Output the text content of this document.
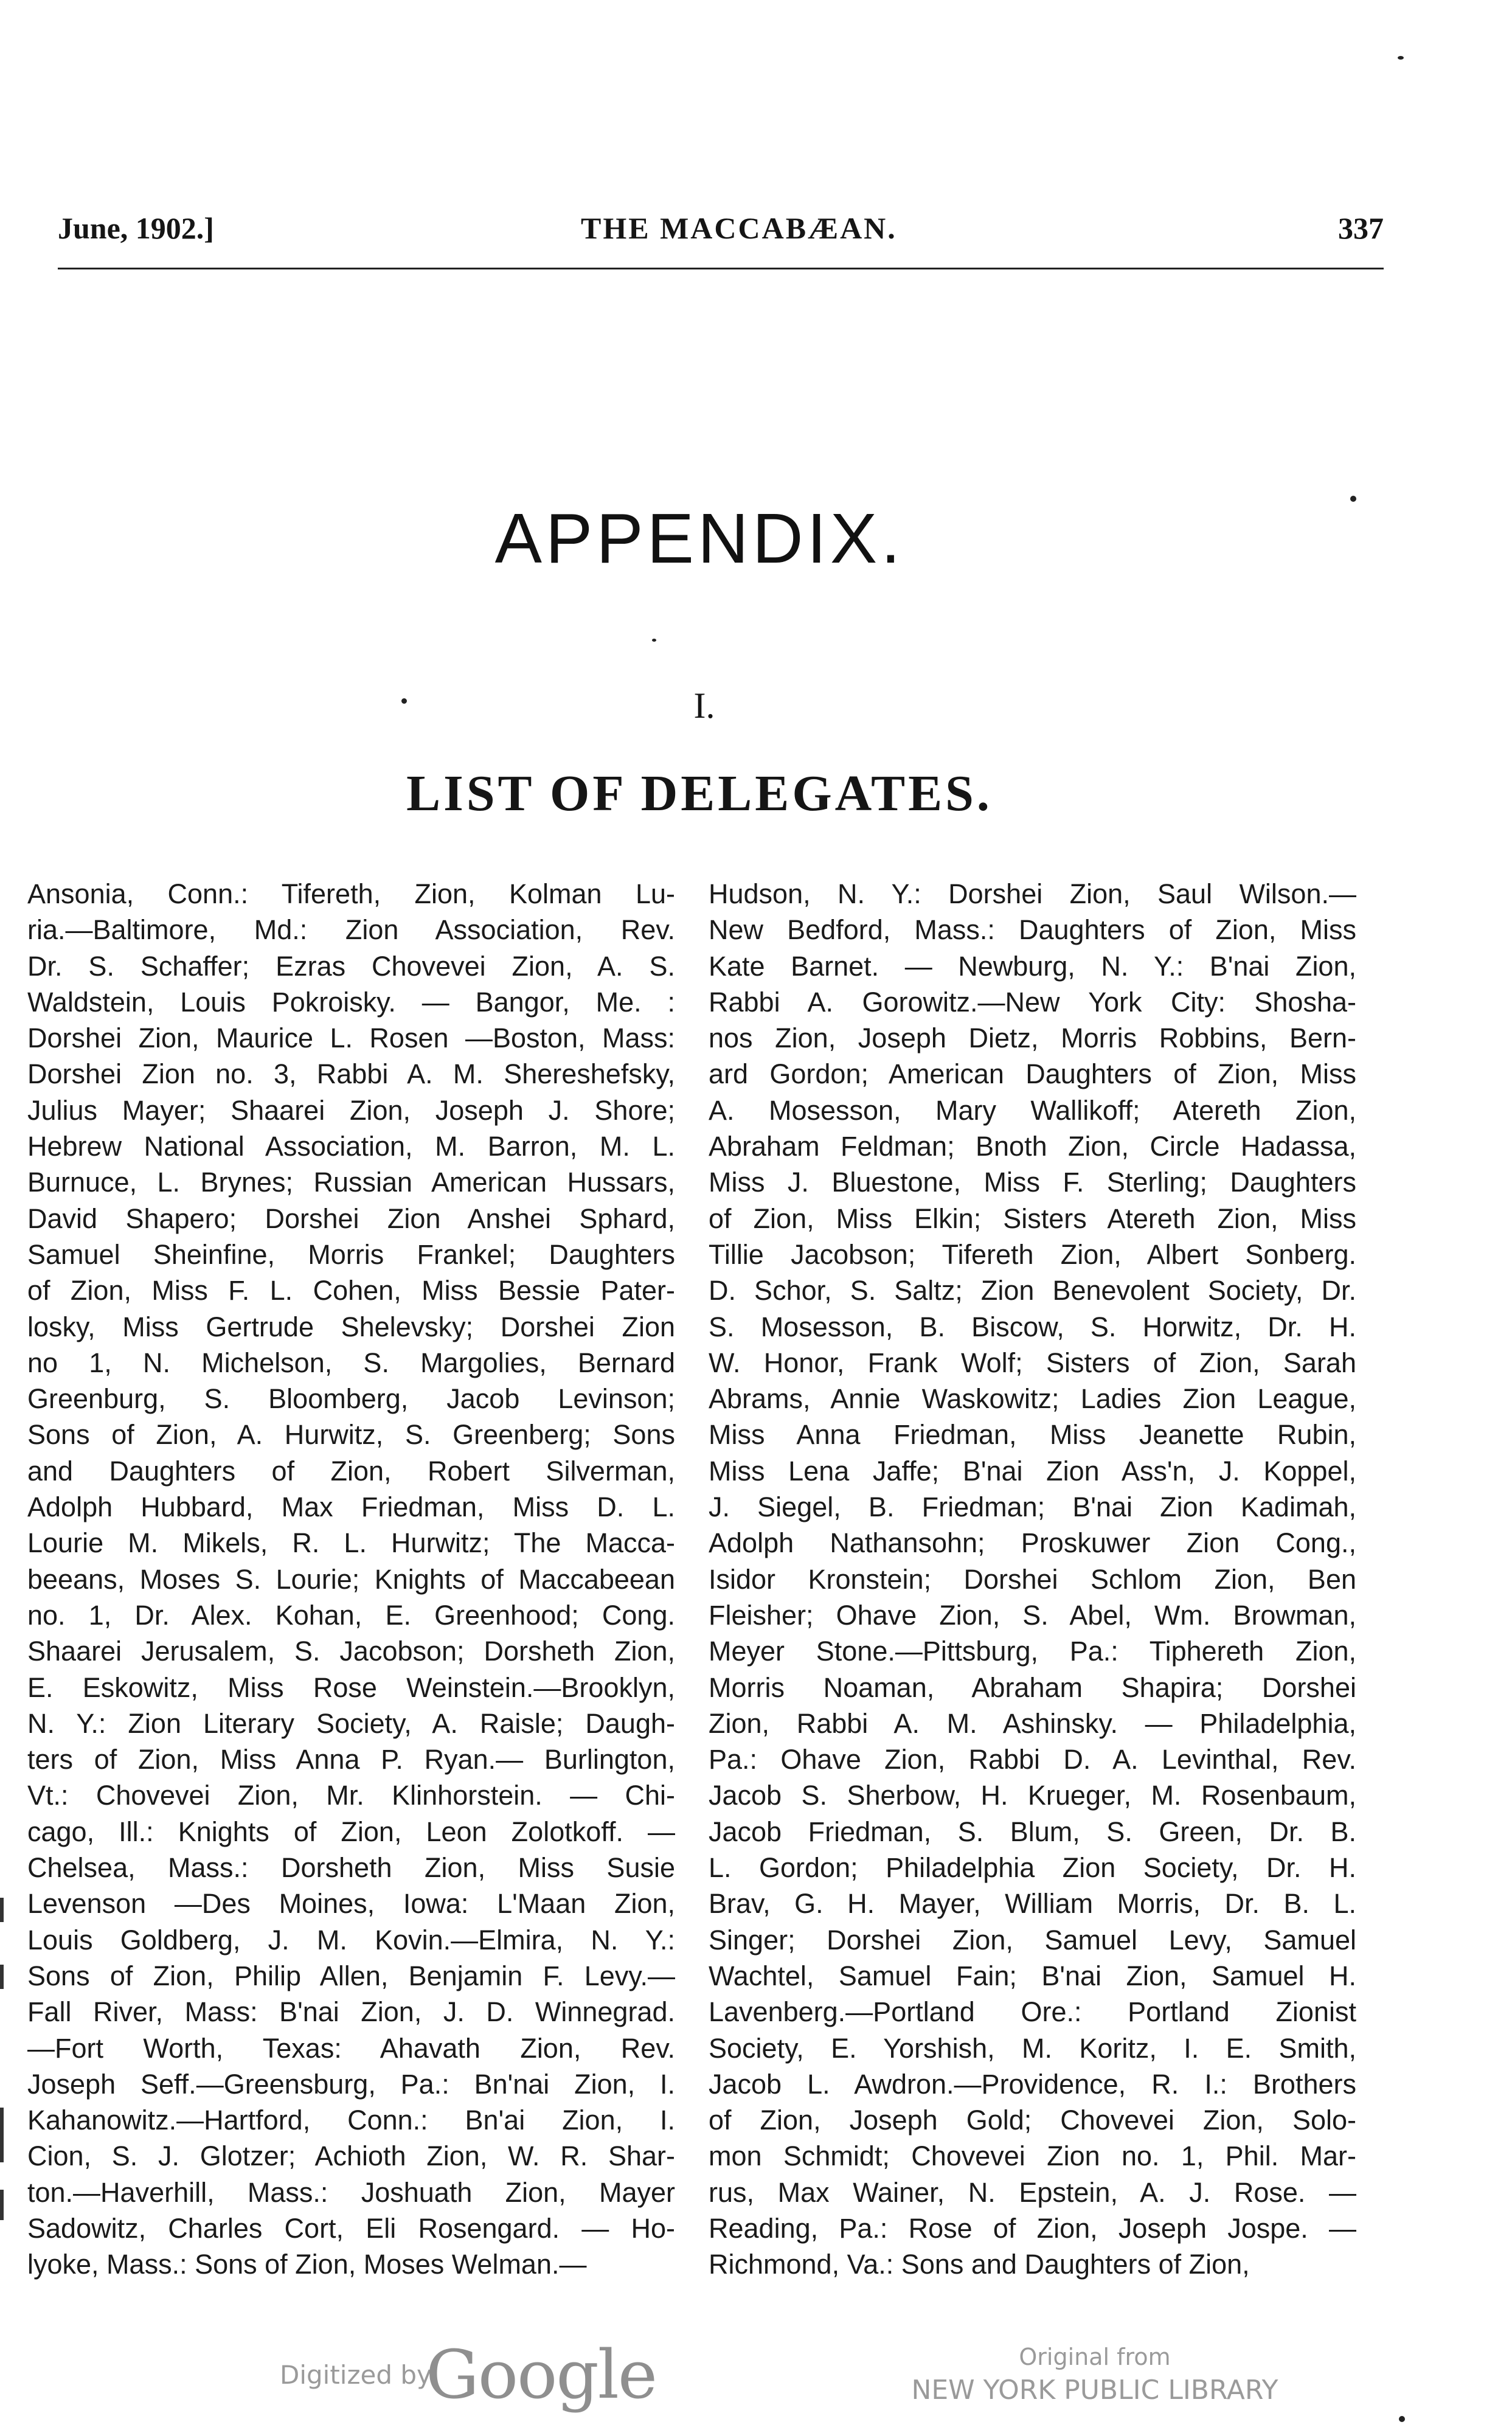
June, 1902.]	THE MACCABÆAN.	337
APPENDIX.
I.
LIST OF DELEGATES.
Ansonia, Conn.: Tifereth, Zion, Kolman Lu-
ria.—Baltimore, Md.: Zion Association, Rev.
Dr. S. Schaffer; Ezras Chovevei Zion, A. S.
Waldstein, Louis Pokroisky. — Bangor, Me. :
Dorshei Zion, Maurice L. Rosen —Boston, Mass:
Dorshei Zion no. 3, Rabbi A. M. Shereshefsky,
Julius Mayer; Shaarei Zion, Joseph J. Shore;
Hebrew National Association, M. Barron, M. L.
Burnuce, L. Brynes; Russian American Hussars,
David Shapero; Dorshei Zion Anshei Sphard,
Samuel Sheinfine, Morris Frankel; Daughters
of Zion, Miss F. L. Cohen, Miss Bessie Pater-
losky, Miss Gertrude Shelevsky; Dorshei Zion
no 1, N. Michelson, S. Margolies, Bernard
Greenburg, S. Bloomberg, Jacob Levinson;
Sons of Zion, A. Hurwitz, S. Greenberg; Sons
and Daughters of Zion, Robert Silverman,
Adolph Hubbard, Max Friedman, Miss D. L.
Lourie M. Mikels, R. L. Hurwitz; The Macca-
beeans, Moses S. Lourie; Knights of Maccabeean
no. 1, Dr. Alex. Kohan, E. Greenhood; Cong.
Shaarei Jerusalem, S. Jacobson; Dorsheth Zion,
E. Eskowitz, Miss Rose Weinstein.—Brooklyn,
N. Y.: Zion Literary Society, A. Raisle; Daugh-
ters of Zion, Miss Anna P. Ryan.— Burlington,
Vt.: Chovevei Zion, Mr. Klinhorstein. — Chi-
cago, Ill.: Knights of Zion, Leon Zolotkoff. —
Chelsea, Mass.: Dorsheth Zion, Miss Susie
Levenson —Des Moines, Iowa: L'Maan Zion,
Louis Goldberg, J. M. Kovin.—Elmira, N. Y.:
Sons of Zion, Philip Allen, Benjamin F. Levy.—
Fall River, Mass: B'nai Zion, J. D. Winnegrad.
—Fort Worth, Texas: Ahavath Zion, Rev.
Joseph Seff.—Greensburg, Pa.: Bn'nai Zion, I.
Kahanowitz.—Hartford, Conn.: Bn'ai Zion, I.
Cion, S. J. Glotzer; Achioth Zion, W. R. Shar-
ton.—Haverhill, Mass.: Joshuath Zion, Mayer
Sadowitz, Charles Cort, Eli Rosengard. — Ho-
lyoke, Mass.: Sons of Zion, Moses Welman.—
Hudson, N. Y.: Dorshei Zion, Saul Wilson.—
New Bedford, Mass.: Daughters of Zion, Miss
Kate Barnet. — Newburg, N. Y.: B'nai Zion,
Rabbi A. Gorowitz.—New York City: Shosha-
nos Zion, Joseph Dietz, Morris Robbins, Bern-
ard Gordon; American Daughters of Zion, Miss
A. Mosesson, Mary Wallikoff; Atereth Zion,
Abraham Feldman; Bnoth Zion, Circle Hadassa,
Miss J. Bluestone, Miss F. Sterling; Daughters
of Zion, Miss Elkin; Sisters Atereth Zion, Miss
Tillie Jacobson; Tifereth Zion, Albert Sonberg.
D. Schor, S. Saltz; Zion Benevolent Society, Dr.
S. Mosesson, B. Biscow, S. Horwitz, Dr. H.
W. Honor, Frank Wolf; Sisters of Zion, Sarah
Abrams, Annie Waskowitz; Ladies Zion League,
Miss Anna Friedman, Miss Jeanette Rubin,
Miss Lena Jaffe; B'nai Zion Ass'n, J. Koppel,
J. Siegel, B. Friedman; B'nai Zion Kadimah,
Adolph Nathansohn; Proskuwer Zion Cong.,
Isidor Kronstein; Dorshei Schlom Zion, Ben
Fleisher; Ohave Zion, S. Abel, Wm. Browman,
Meyer Stone.—Pittsburg, Pa.: Tiphereth Zion,
Morris Noaman, Abraham Shapira; Dorshei
Zion, Rabbi A. M. Ashinsky. — Philadelphia,
Pa.: Ohave Zion, Rabbi D. A. Levinthal, Rev.
Jacob S. Sherbow, H. Krueger, M. Rosenbaum,
Jacob Friedman, S. Blum, S. Green, Dr. B.
L. Gordon; Philadelphia Zion Society, Dr. H.
Brav, G. H. Mayer, William Morris, Dr. B. L.
Singer; Dorshei Zion, Samuel Levy, Samuel
Wachtel, Samuel Fain; B'nai Zion, Samuel H.
Lavenberg.—Portland Ore.: Portland Zionist
Society, E. Yorshish, M. Koritz, I. E. Smith,
Jacob L. Awdron.—Providence, R. I.: Brothers
of Zion, Joseph Gold; Chovevei Zion, Solo-
mon Schmidt; Chovevei Zion no. 1, Phil. Mar-
rus, Max Wainer, N. Epstein, A. J. Rose. —
Reading, Pa.: Rose of Zion, Joseph Jospe. —
Richmond, Va.: Sons and Daughters of Zion,
Digitized by
Google	Original from
NEW YORK PUBLIC LIBRARY
